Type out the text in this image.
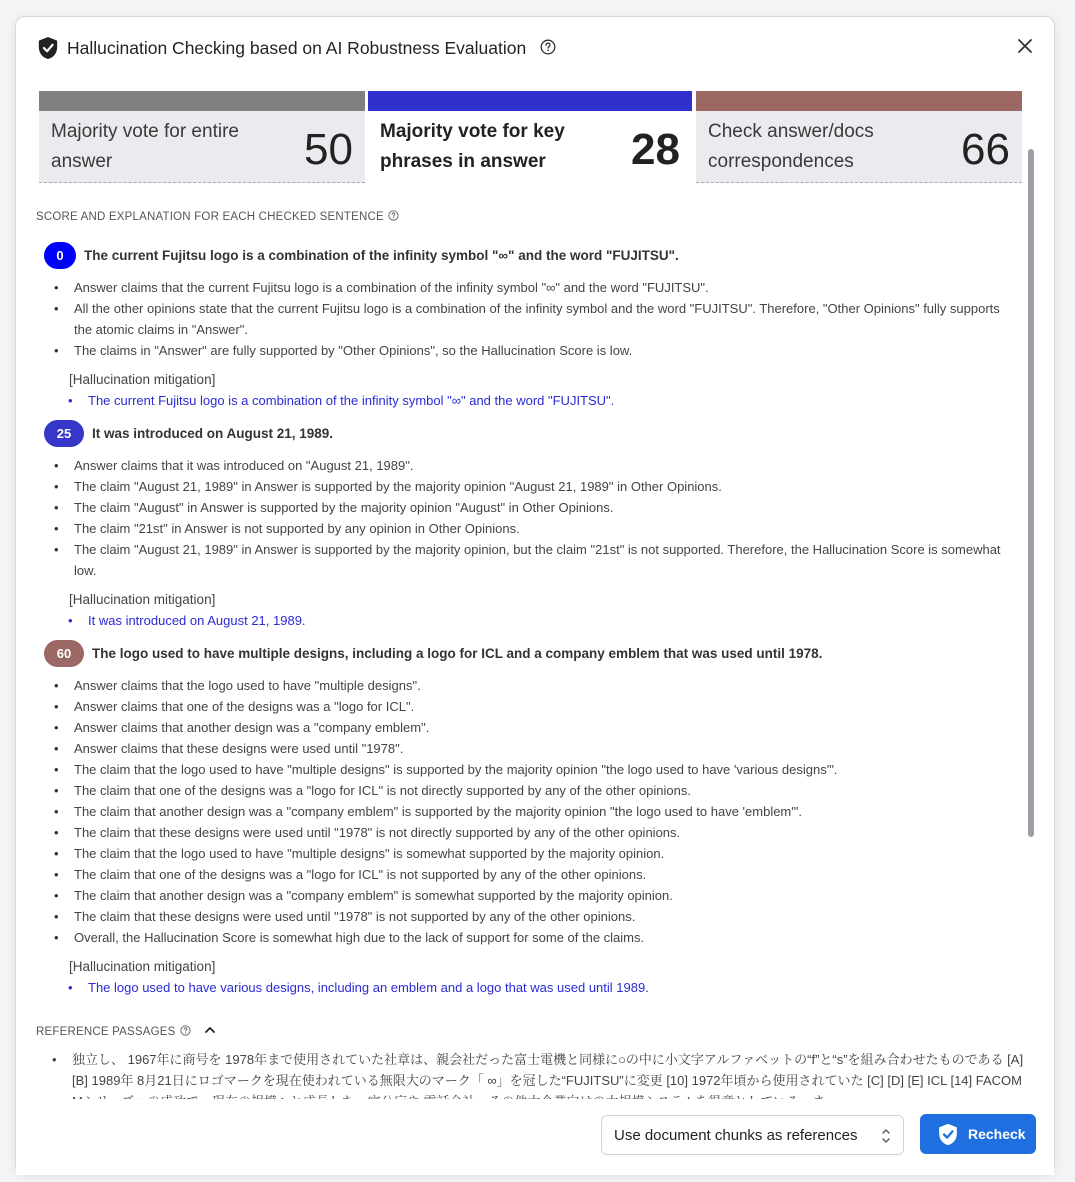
Hallucination Checking based on AI Robustness Evaluation
Majority vote for entire answer	50 Majority vote for key phrases in answer	28 Check answer/docs correspondences	66
SCORE AND EXPLANATION FOR EACH CHECKED SENTENCE
0	The current Fujitsu logo is a combination of the infinity symbol "∞" and the word "FUJITSU".
• Answer claims that the current Fujitsu logo is a combination of the infinity symbol "∞" and the word "FUJITSU".
• All the other opinions state that the current Fujitsu logo is a combination of the infinity symbol and the word "FUJITSU". Therefore, "Other Opinions" fully supports the atomic claims in "Answer".
• The claims in "Answer" are fully supported by "Other Opinions", so the Hallucination Score is low.
[Hallucination mitigation]
• The current Fujitsu logo is a combination of the infinity symbol "∞" and the word "FUJITSU".
25	It was introduced on August 21, 1989.
• Answer claims that it was introduced on "August 21, 1989".
• The claim "August 21, 1989" in Answer is supported by the majority opinion "August 21, 1989" in Other Opinions.
• The claim "August" in Answer is supported by the majority opinion "August" in Other Opinions.
• The claim "21st" in Answer is not supported by any opinion in Other Opinions.
• The claim "August 21, 1989" in Answer is supported by the majority opinion, but the claim "21st" is not supported. Therefore, the Hallucination Score is somewhat low.
[Hallucination mitigation]
• It was introduced on August 21, 1989.
60	The logo used to have multiple designs, including a logo for ICL and a company emblem that was used until 1978.
• Answer claims that the logo used to have "multiple designs".
• Answer claims that one of the designs was a "logo for ICL".
• Answer claims that another design was a "company emblem".
• Answer claims that these designs were used until "1978".
• The claim that the logo used to have "multiple designs" is supported by the majority opinion "the logo used to have 'various designs'".
• The claim that one of the designs was a "logo for ICL" is not directly supported by any of the other opinions.
• The claim that another design was a "company emblem" is supported by the majority opinion "the logo used to have 'emblem'".
• The claim that these designs were used until "1978" is not directly supported by any of the other opinions.
• The claim that the logo used to have "multiple designs" is somewhat supported by the majority opinion.
• The claim that one of the designs was a "logo for ICL" is not supported by any of the other opinions.
• The claim that another design was a "company emblem" is somewhat supported by the majority opinion.
• The claim that these designs were used until "1978" is not supported by any of the other opinions.
• Overall, the Hallucination Score is somewhat high due to the lack of support for some of the claims.
[Hallucination mitigation]
• The logo used to have various designs, including an emblem and a logo that was used until 1989.
REFERENCE PASSAGES
• 独立し、 1967年に商号を 1978年まで使用されていた社章は、親会社だった富士電機と同様に○の中に小文字アルファベットの“f”と“s”を組み合わせたものである [A] [B] 1989年 8月21日にロゴマークを現在使われている無限大のマーク「 ∞」を冠した“FUJITSU”に変更 [10] 1972年頃から使用されていた [C] [D] [E] ICL [14] FACOM
Use document chunks as references	Recheck
